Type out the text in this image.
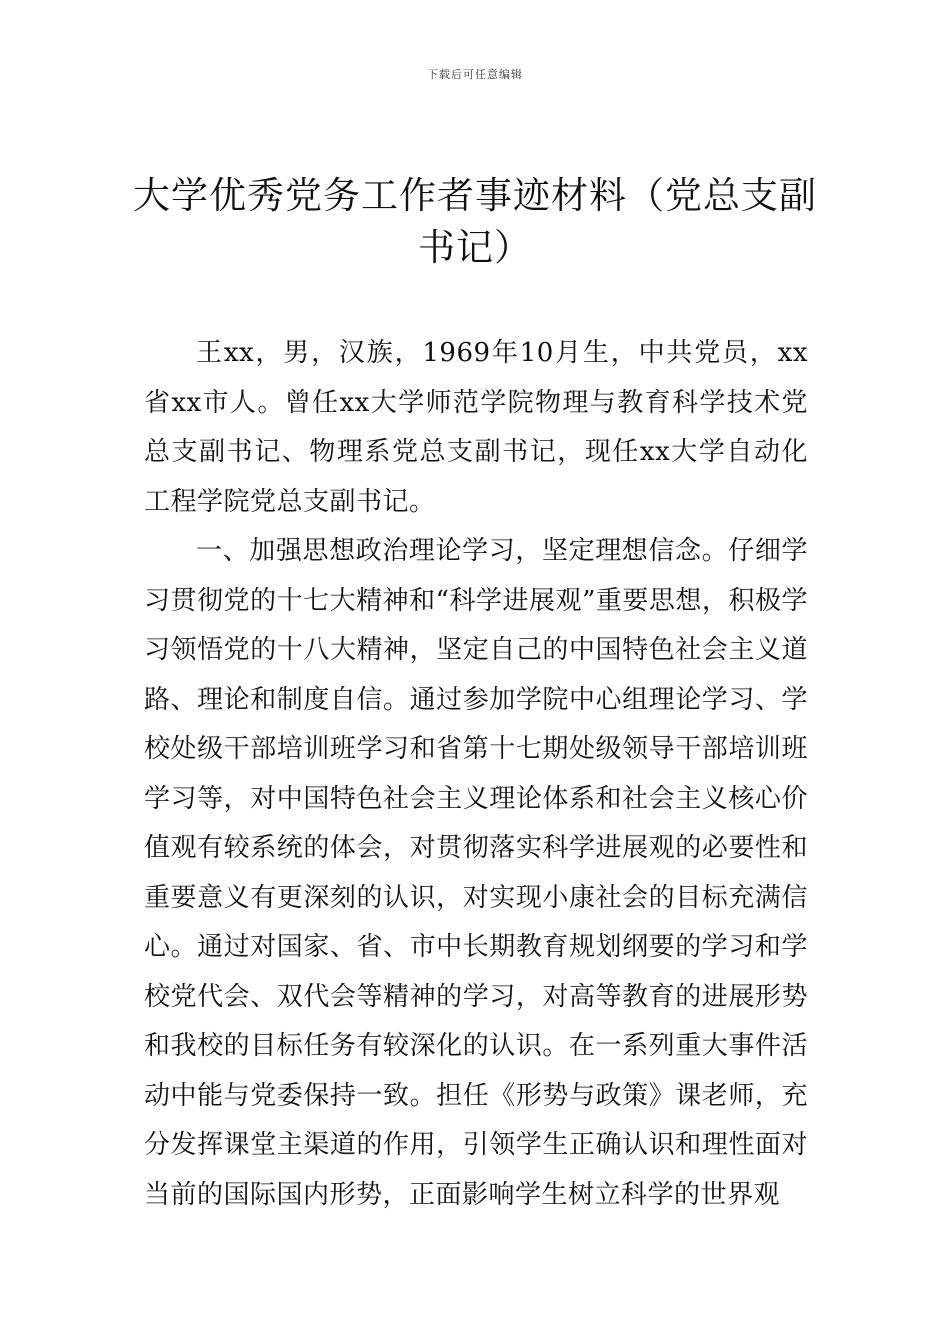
下载后可任意编辑
大学优秀党务工作者事迹材料（党总支副书记）

王xx，男，汉族，1969年10月生，中共党员，xx省xx市人。曾任xx大学师范学院物理与教育科学技术党总支副书记、物理系党总支副书记，现任xx大学自动化工程学院党总支副书记。

一、加强思想政治理论学习，坚定理想信念。仔细学习贯彻党的十七大精神和“科学进展观”重要思想，积极学习领悟党的十八大精神，坚定自己的中国特色社会主义道路、理论和制度自信。通过参加学院中心组理论学习、学校处级干部培训班学习和省第十七期处级领导干部培训班学习等，对中国特色社会主义理论体系和社会主义核心价值观有较系统的体会，对贯彻落实科学进展观的必要性和重要意义有更深刻的认识，对实现小康社会的目标充满信心。通过对国家、省、市中长期教育规划纲要的学习和学校党代会、双代会等精神的学习，对高等教育的进展形势和我校的目标任务有较深化的认识。在一系列重大事件活动中能与党委保持一致。担任《形势与政策》课老师，充分发挥课堂主渠道的作用，引领学生正确认识和理性面对当前的国际国内形势，正面影响学生树立科学的世界观
